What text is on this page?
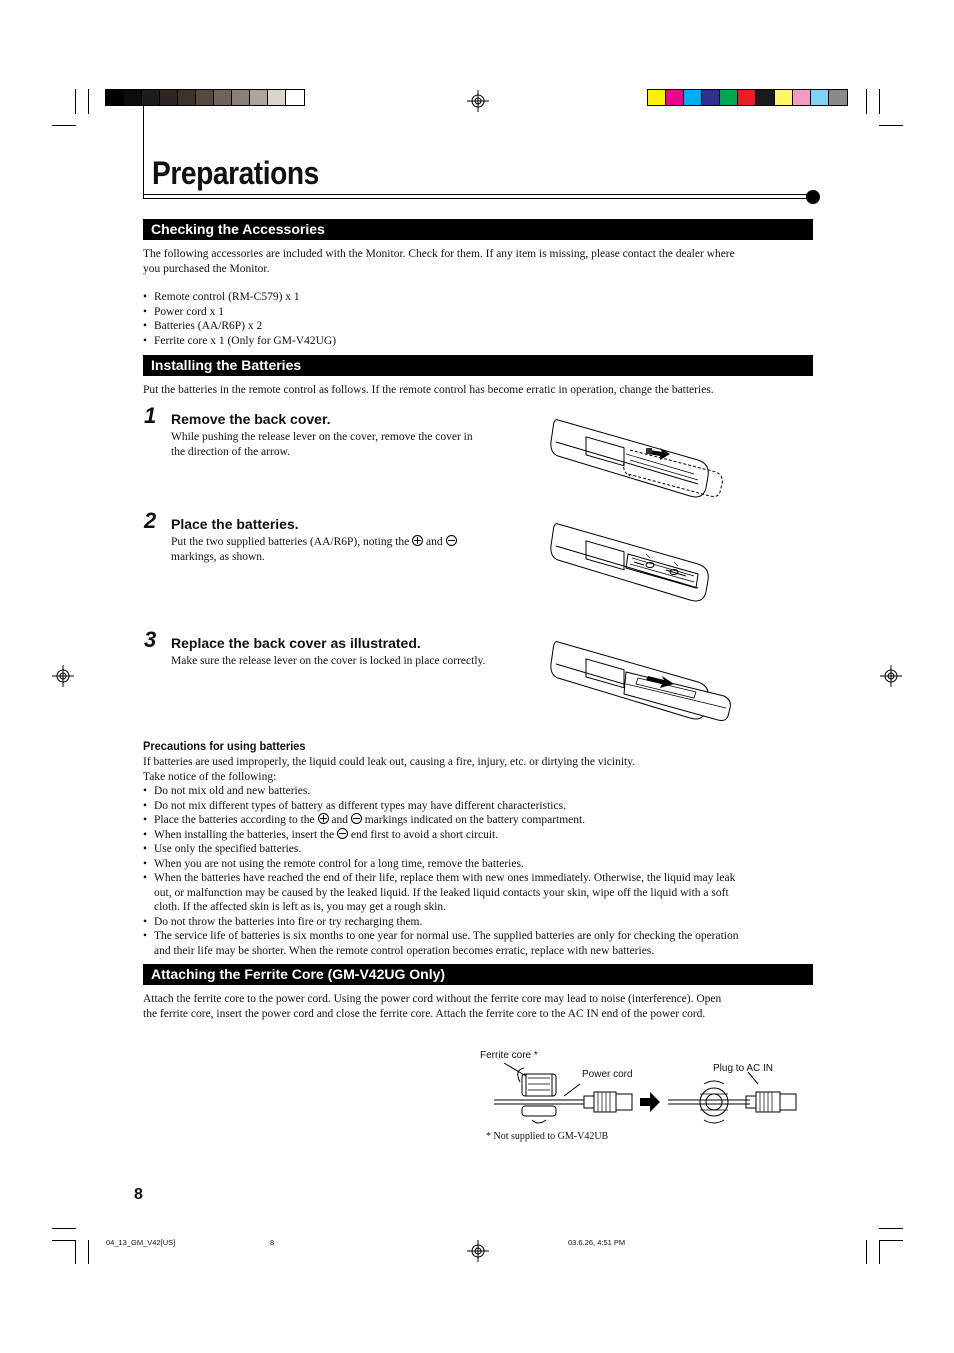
Preparations
Checking the Accessories
The following accessories are included with the Monitor. Check for them. If any item is missing, please contact the dealer where
you purchased the Monitor.
• Remote control (RM-C579) x 1
• Power cord x 1
• Batteries (AA/R6P) x 2
• Ferrite core x 1 (Only for GM-V42UG)
Installing the Batteries
Put the batteries in the remote control as follows. If the remote control has become erratic in operation, change the batteries.
1 Remove the back cover.
While pushing the release lever on the cover, remove the cover in
the direction of the arrow.
2 Place the batteries.
Put the two supplied batteries (AA/R6P), noting the and
markings, as shown.
3 Replace the back cover as illustrated.
Make sure the release lever on the cover is locked in place correctly.
Precautions for using batteries
If batteries are used improperly, the liquid could leak out, causing a fire, injury, etc. or dirtying the vicinity.
Take notice of the following:
• Do not mix old and new batteries.
• Do not mix different types of battery as different types may have different characteristics.
• Place the batteries according to the and markings indicated on the battery compartment.
• When installing the batteries, insert the end first to avoid a short circuit.
• Use only the specified batteries.
• When you are not using the remote control for a long time, remove the batteries.
• When the batteries have reached the end of their life, replace them with new ones immediately. Otherwise, the liquid may leak
out, or malfunction may be caused by the leaked liquid. If the leaked liquid contacts your skin, wipe off the liquid with a soft
cloth. If the affected skin is left as is, you may get a rough skin.
• Do not throw the batteries into fire or try recharging them.
• The service life of batteries is six months to one year for normal use. The supplied batteries are only for checking the operation
and their life may be shorter. When the remote control operation becomes erratic, replace with new batteries.
Attaching the Ferrite Core (GM-V42UG Only)
Attach the ferrite core to the power cord. Using the power cord without the ferrite core may lead to noise (interference). Open
the ferrite core, insert the power cord and close the ferrite core. Attach the ferrite core to the AC IN end of the power cord.
Ferrite core *
Power cord
Plug to AC IN
* Not supplied to GM-V42UB
8
04_13_GM_V42[US]	8	03.6.26, 4:51 PM
